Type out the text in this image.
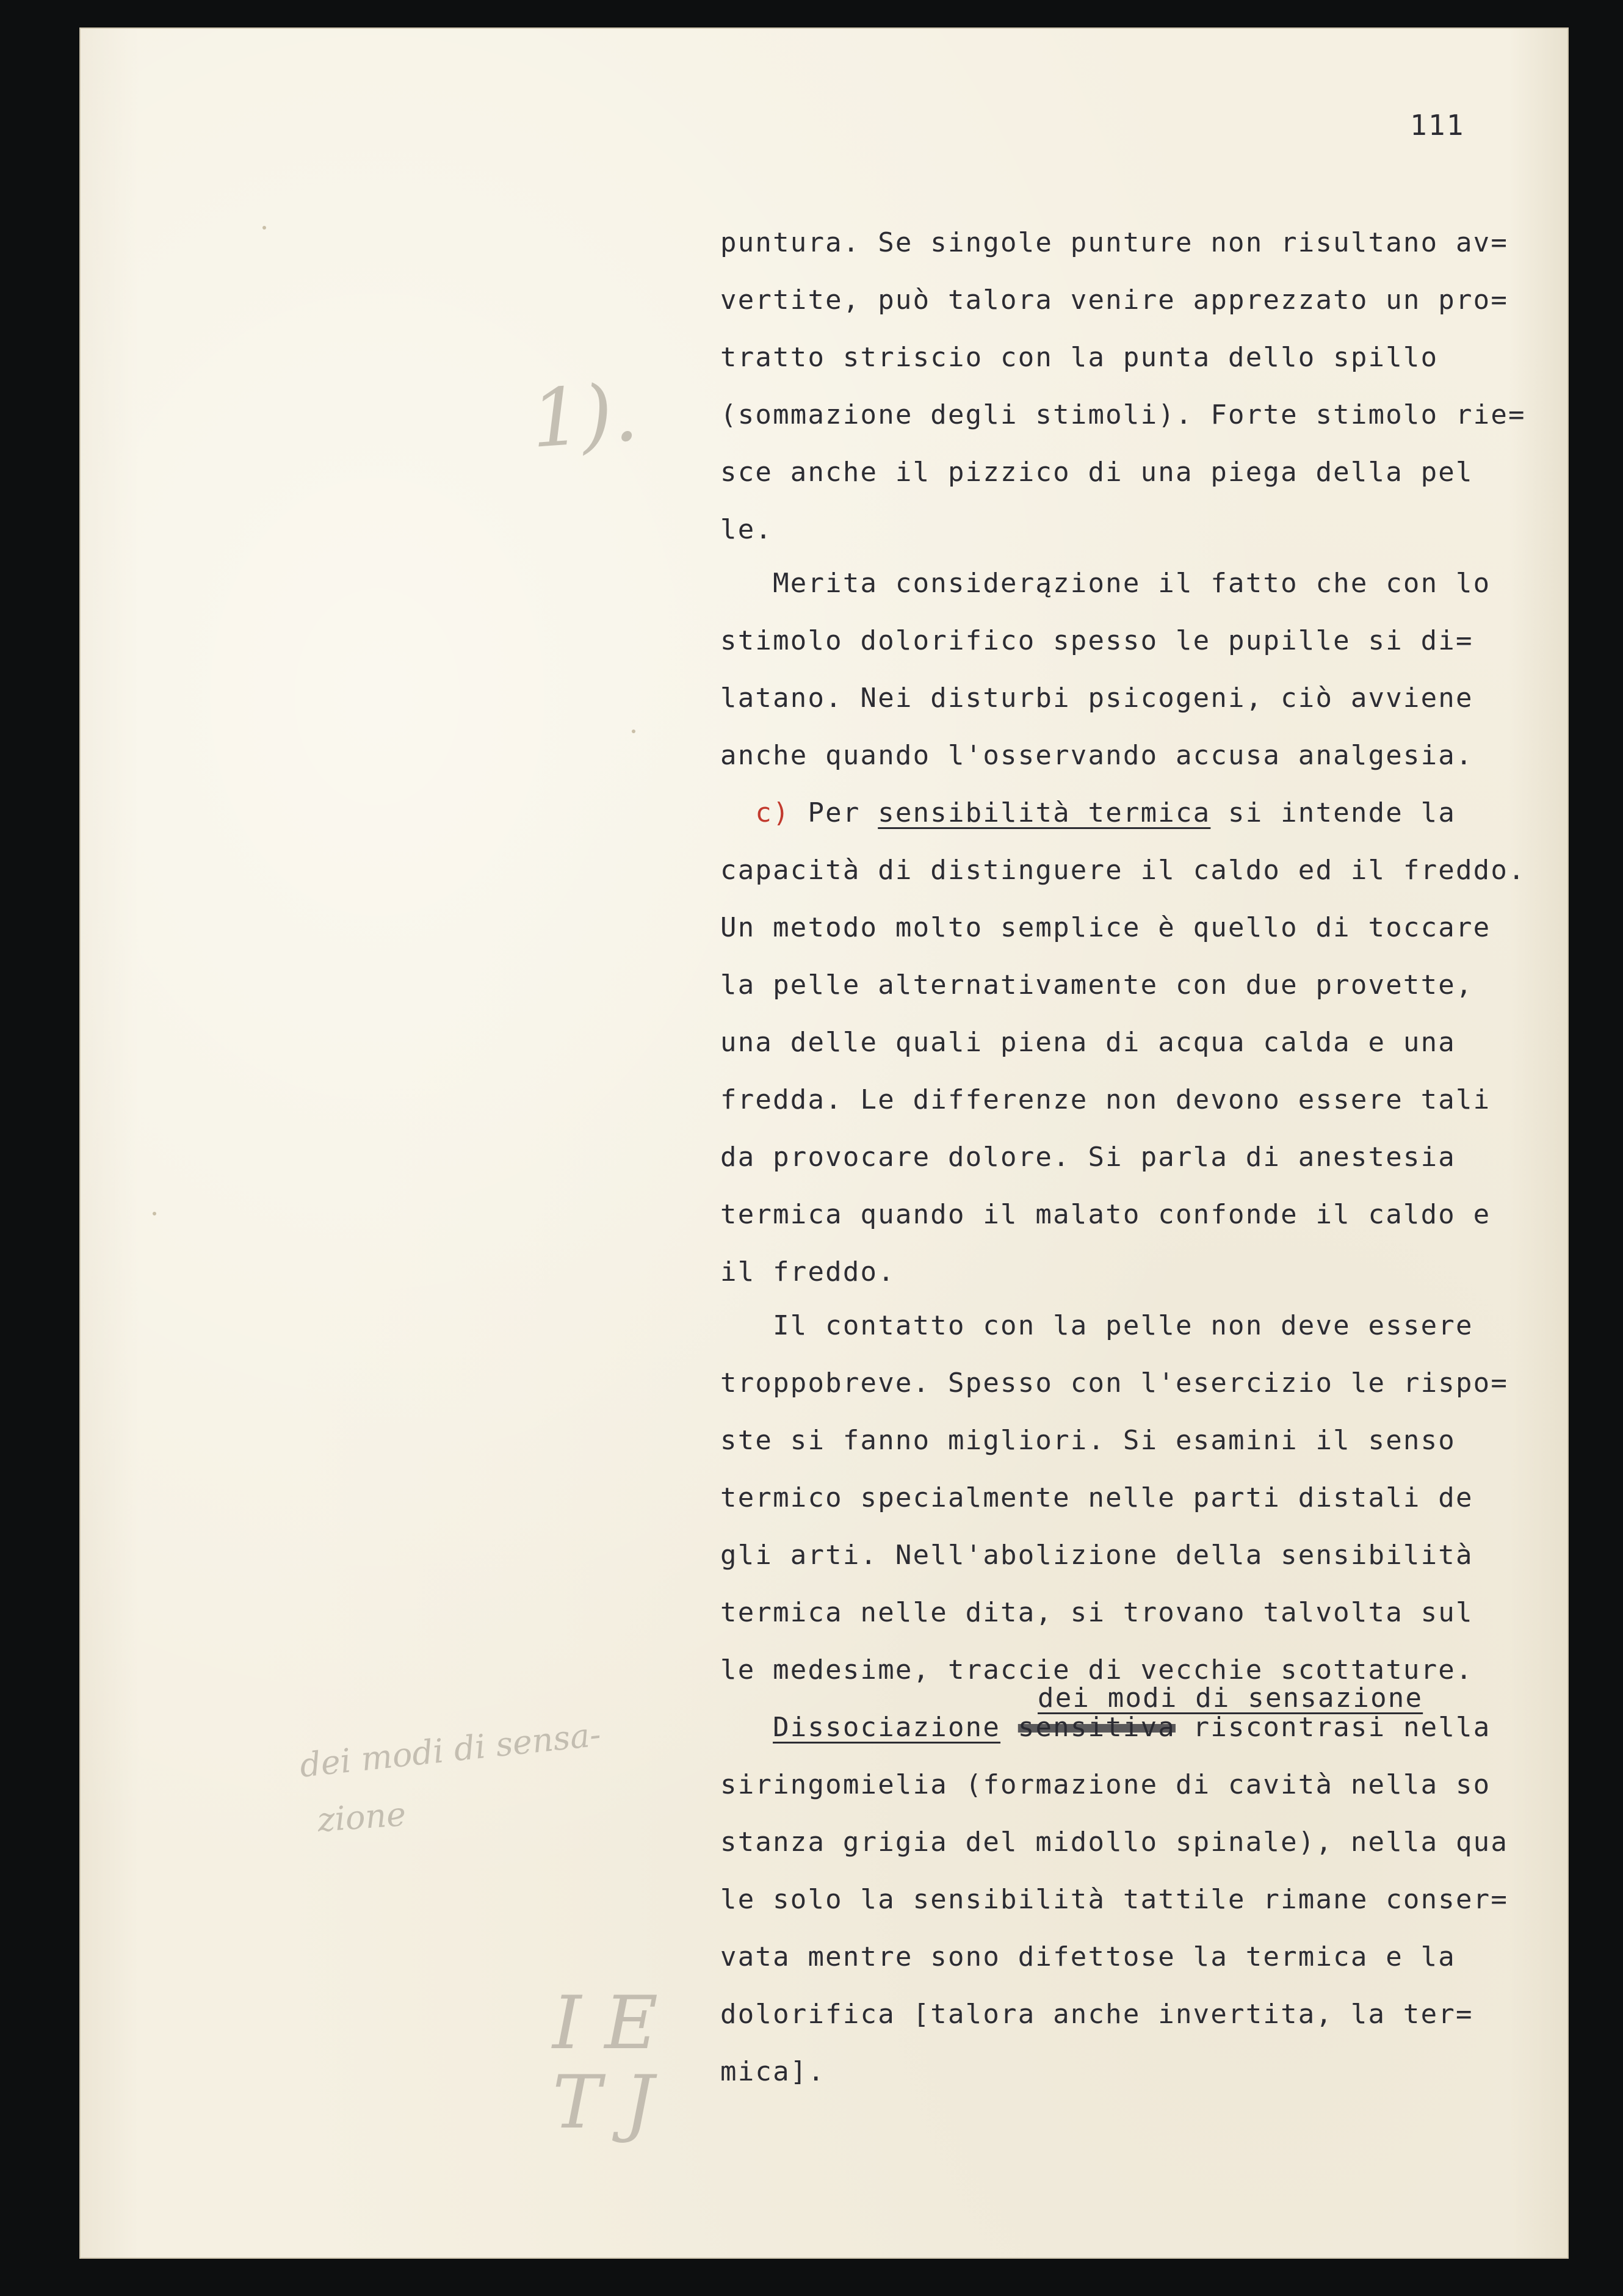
1).
dei modi di sensa-
zione
I E
T J
111
puntura. Se singole punture non risultano av=
vertite, può talora venire apprezzato un pro=
tratto striscio con la punta dello spillo
(sommazione degli stimoli). Forte stimolo rie=
sce anche il pizzico di una piega della pel
le.
Merita considerązione il fatto che con lo
stimolo dolorifico spesso le pupille si di=
latano. Nei disturbi psicogeni, ciò avviene
anche quando l'osservando accusa analgesia.
c) Per sensibilità termica si intende la
capacità di distinguere il caldo ed il freddo.
Un metodo molto semplice è quello di toccare
la pelle alternativamente con due provette,
una delle quali piena di acqua calda e una
fredda. Le differenze non devono essere tali
da provocare dolore. Si parla di anestesia
termica quando il malato confonde il caldo e
il freddo.
Il contatto con la pelle non deve essere
troppobreve. Spesso con l'esercizio le rispo=
ste si fanno migliori. Si esamini il senso
termico specialmente nelle parti distali de
gli arti. Nell'abolizione della sensibilità
termica nelle dita, si trovano talvolta sul
le medesime, traccie di vecchie scottature.
dei modi di sensazione
Dissociazione sensitiva riscontrasi nella
siringomielia (formazione di cavità nella so
stanza grigia del midollo spinale), nella qua
le solo la sensibilità tattile rimane conser=
vata mentre sono difettose la termica e la
dolorifica [talora anche invertita, la ter=
mica].
